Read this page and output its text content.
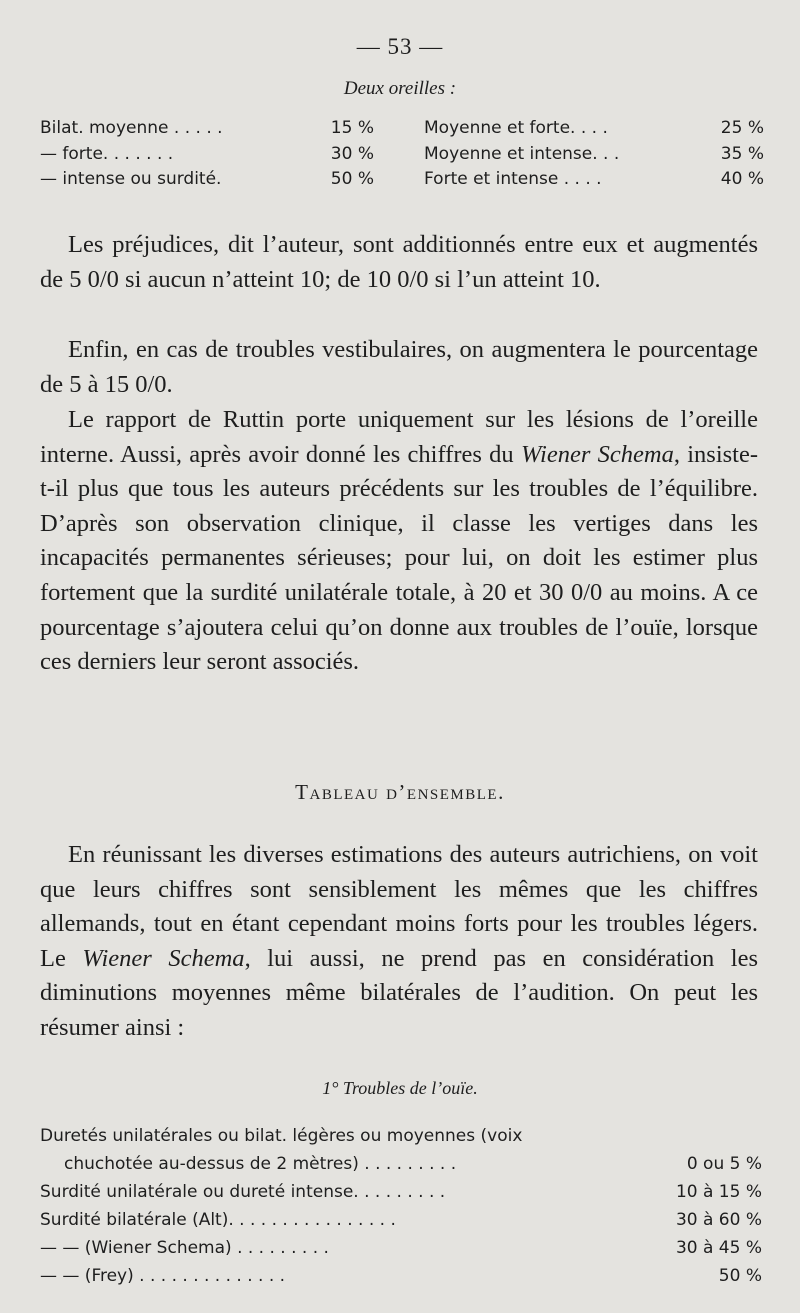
— 53 —
Deux oreilles :
Bilat. moyenne . . . . .	15 %	Moyenne et forte. . . .	25 %
— forte. . . . . . .	30 %	Moyenne et intense. . .	35 %
— intense ou surdité.	50 %	Forte et intense . . . .	40 %

Les préjudices, dit l’auteur, sont additionnés entre eux et augmentés de 5 0/0 si aucun n’atteint 10; de 10 0/0 si l’un atteint 10.

Enfin, en cas de troubles vestibulaires, on augmentera le pourcentage de 5 à 15 0/0.

Le rapport de Ruttin porte uniquement sur les lésions de l’oreille interne. Aussi, après avoir donné les chiffres du Wiener Schema, insiste-t-il plus que tous les auteurs précédents sur les troubles de l’équilibre. D’après son observation clinique, il classe les vertiges dans les incapacités permanentes sérieuses; pour lui, on doit les estimer plus fortement que la surdité unilatérale totale, à 20 et 30 0/0 au moins. A ce pourcentage s’ajoutera celui qu’on donne aux troubles de l’ouïe, lorsque ces derniers leur seront associés.

Tableau d’ensemble.

En réunissant les diverses estimations des auteurs autrichiens, on voit que leurs chiffres sont sensiblement les mêmes que les chiffres allemands, tout en étant cependant moins forts pour les troubles légers. Le Wiener Schema, lui aussi, ne prend pas en considération les diminutions moyennes même bilatérales de l’audition. On peut les résumer ainsi :

1° Troubles de l’ouïe.
Duretés unilatérales ou bilat. légères ou moyennes (voix
chuchotée au-dessus de 2 mètres) . . . . . . . . .	0 ou 5 %
Surdité unilatérale ou dureté intense. . . . . . . . .	10 à 15 %
Surdité bilatérale (Alt). . . . . . . . . . . . . . . .	30 à 60 %
— — (Wiener Schema) . . . . . . . . .	30 à 45 %
— — (Frey) . . . . . . . . . . . . . .	50 %
